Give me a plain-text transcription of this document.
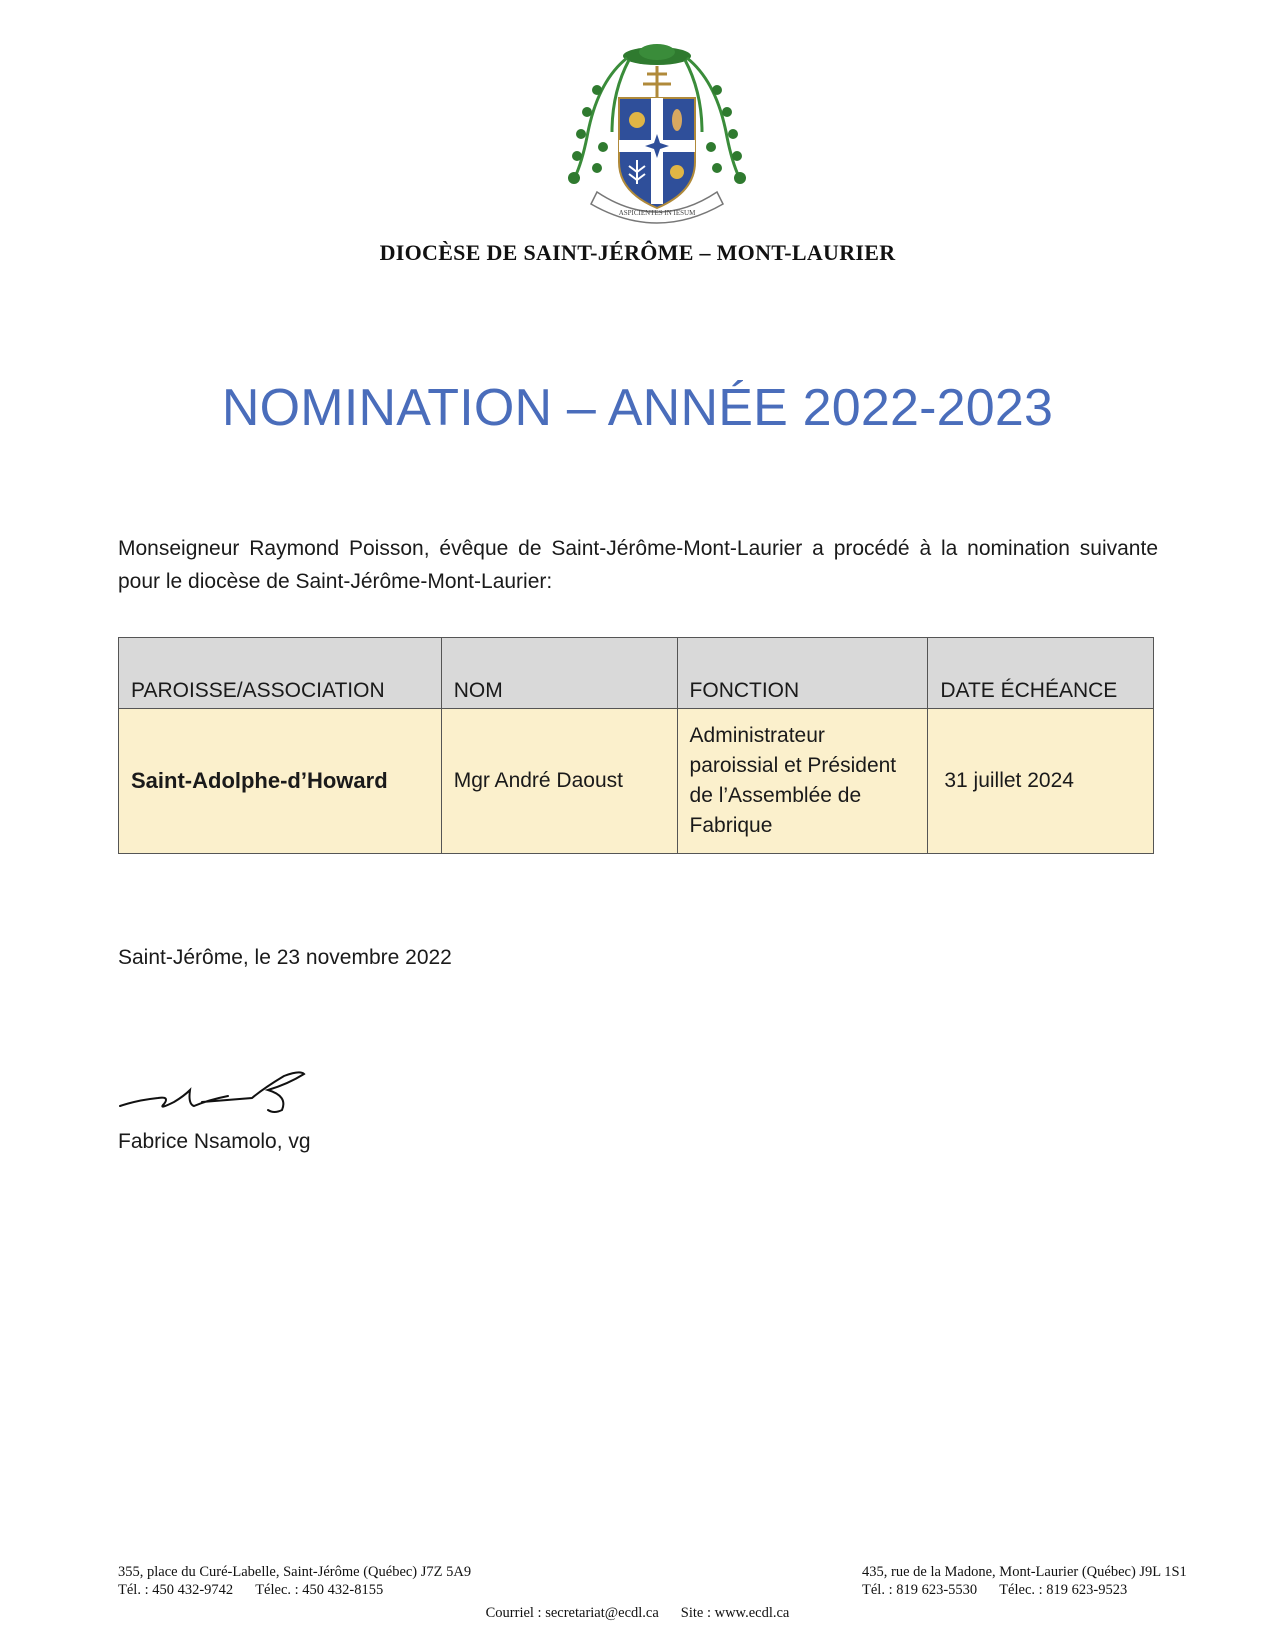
ASPICIENTES IN IESUM
DIOCÈSE DE SAINT-JÉRÔME – MONT-LAURIER
NOMINATION – ANNÉE 2022-2023
Monseigneur Raymond Poisson, évêque de Saint-Jérôme-Mont-Laurier a procédé à la nomination suivante pour le diocèse de Saint-Jérôme-Mont-Laurier:
PAROISSE/ASSOCIATION	NOM	FONCTION	DATE ÉCHÉANCE
Saint-Adolphe-d’Howard	Mgr André Daoust	Administrateur paroissial et Président de l’Assemblée de Fabrique	31 juillet 2024
Saint-Jérôme, le 23 novembre 2022
Fabrice Nsamolo, vg
355, place du Curé-Labelle, Saint-Jérôme (Québec) J7Z 5A9
Tél. : 450 432-9742 Télec. : 450 432-8155
435, rue de la Madone, Mont-Laurier (Québec) J9L 1S1
Tél. : 819 623-5530 Télec. : 819 623-9523
Courriel : secretariat@ecdl.ca Site : www.ecdl.ca
